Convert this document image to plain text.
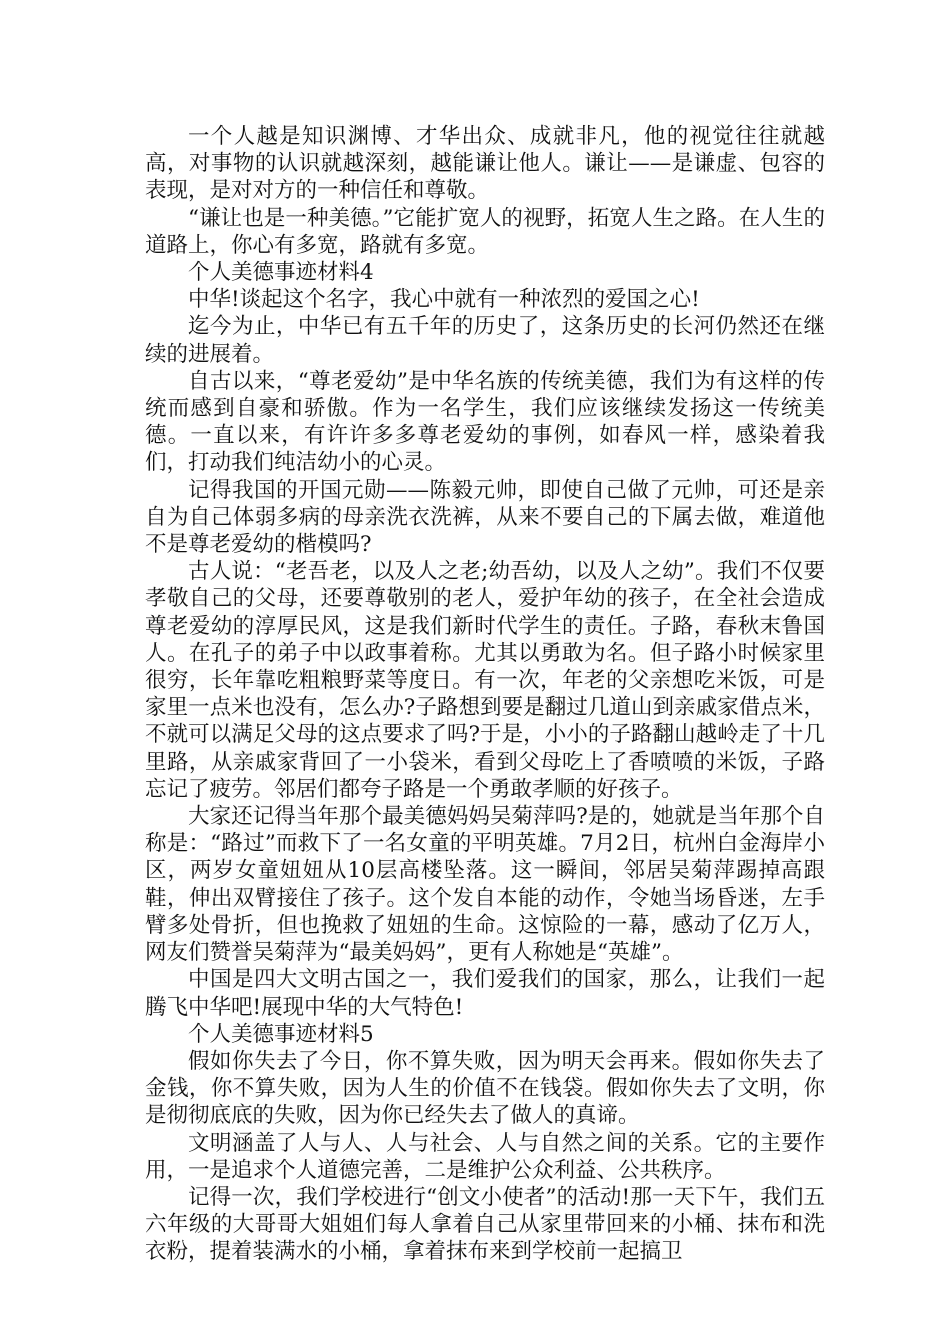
一个人越是知识渊博、才华出众、成就非凡，他的视觉往往就越高，对事物的认识就越深刻，越能谦让他人。谦让——是谦虚、包容的表现，是对对方的一种信任和尊敬。

“谦让也是一种美德。”它能扩宽人的视野，拓宽人生之路。在人生的道路上，你心有多宽，路就有多宽。

个人美德事迹材料4

中华!谈起这个名字，我心中就有一种浓烈的爱国之心!

迄今为止，中华已有五千年的历史了，这条历史的长河仍然还在继续的进展着。

自古以来，“尊老爱幼”是中华名族的传统美德，我们为有这样的传统而感到自豪和骄傲。作为一名学生，我们应该继续发扬这一传统美德。一直以来，有许许多多尊老爱幼的事例，如春风一样，感染着我们，打动我们纯洁幼小的心灵。

记得我国的开国元勋——陈毅元帅，即使自己做了元帅，可还是亲自为自己体弱多病的母亲洗衣洗裤，从来不要自己的下属去做，难道他不是尊老爱幼的楷模吗?

古人说：“老吾老，以及人之老;幼吾幼，以及人之幼”。我们不仅要孝敬自己的父母，还要尊敬别的老人，爱护年幼的孩子，在全社会造成尊老爱幼的淳厚民风，这是我们新时代学生的责任。子路，春秋末鲁国人。在孔子的弟子中以政事着称。尤其以勇敢为名。但子路小时候家里很穷，长年靠吃粗粮野菜等度日。有一次，年老的父亲想吃米饭，可是家里一点米也没有，怎么办?子路想到要是翻过几道山到亲戚家借点米，不就可以满足父母的这点要求了吗?于是，小小的子路翻山越岭走了十几里路，从亲戚家背回了一小袋米，看到父母吃上了香喷喷的米饭，子路忘记了疲劳。邻居们都夸子路是一个勇敢孝顺的好孩子。

大家还记得当年那个最美德妈妈吴菊萍吗?是的，她就是当年那个自称是：“路过”而救下了一名女童的平明英雄。7月2日，杭州白金海岸小区，两岁女童妞妞从10层高楼坠落。这一瞬间，邻居吴菊萍踢掉高跟鞋，伸出双臂接住了孩子。这个发自本能的动作，令她当场昏迷，左手臂多处骨折，但也挽救了妞妞的生命。这惊险的一幕，感动了亿万人，网友们赞誉吴菊萍为“最美妈妈”，更有人称她是“英雄”。

中国是四大文明古国之一，我们爱我们的国家，那么，让我们一起腾飞中华吧!展现中华的大气特色!

个人美德事迹材料5

假如你失去了今日，你不算失败，因为明天会再来。假如你失去了金钱，你不算失败，因为人生的价值不在钱袋。假如你失去了文明，你是彻彻底底的失败，因为你已经失去了做人的真谛。

文明涵盖了人与人、人与社会、人与自然之间的关系。它的主要作用，一是追求个人道德完善，二是维护公众利益、公共秩序。

记得一次，我们学校进行“创文小使者”的活动!那一天下午，我们五六年级的大哥哥大姐姐们每人拿着自己从家里带回来的小桶、抹布和洗衣粉，提着装满水的小桶，拿着抹布来到学校前一起搞卫
